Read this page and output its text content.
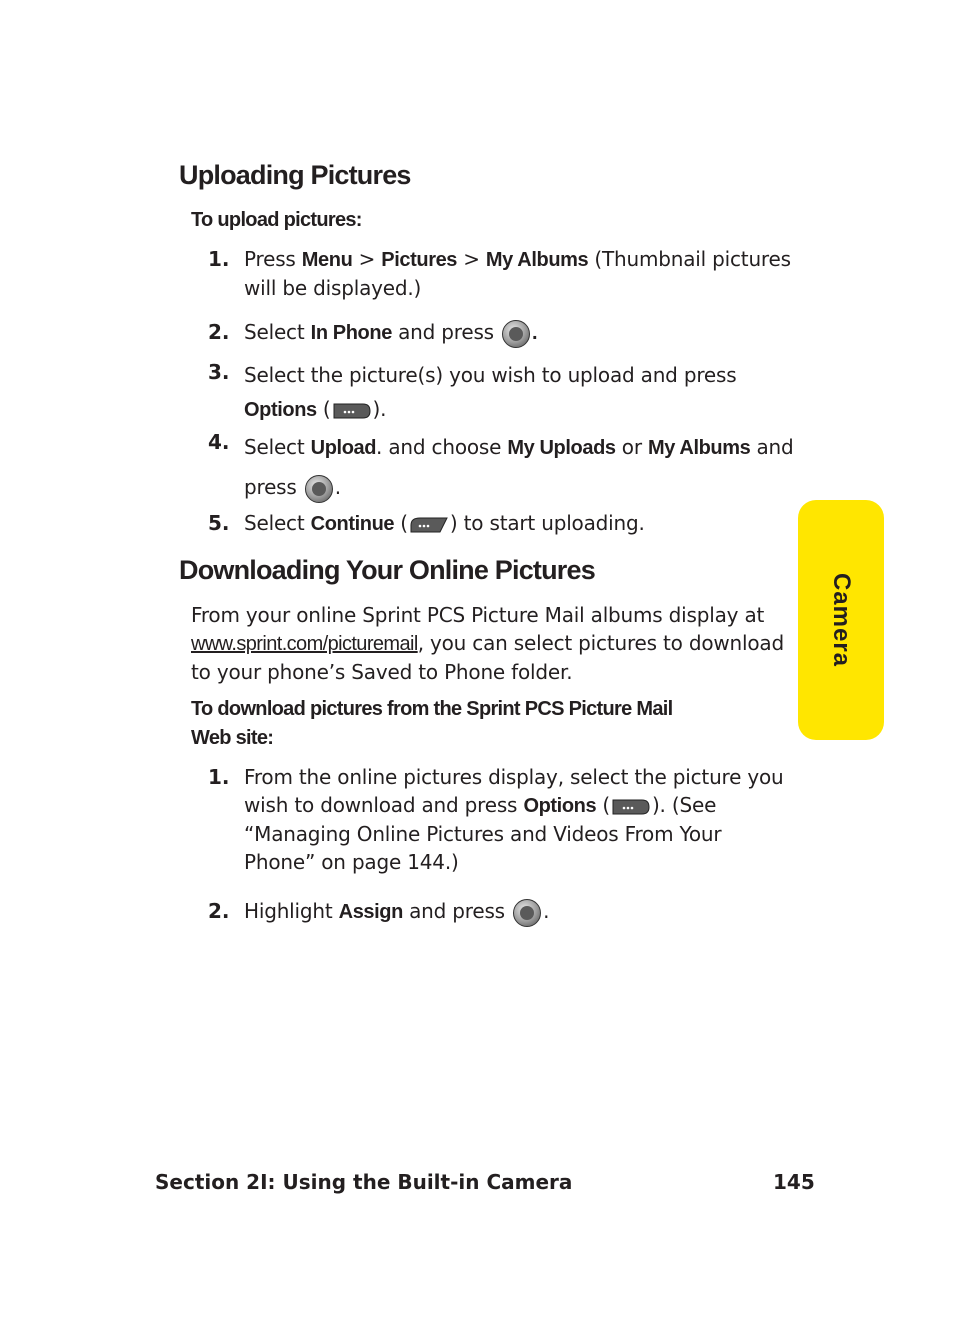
Uploading Pictures
To upload pictures:
1. Press Menu > Pictures > My Albums (Thumbnail pictures will be displayed.)
2. Select In Phone and press .
3. Select the picture(s) you wish to upload and press Options ( ).
4. Select Upload. and choose My Uploads or My Albums and press .
5. Select Continue ( ) to start uploading.
Downloading Your Online Pictures
From your online Sprint PCS Picture Mail albums display at www.sprint.com/picturemail, you can select pictures to download to your phone’s Saved to Phone folder.
To download pictures from the Sprint PCS Picture Mail Web site:
1. From the online pictures display, select the picture you wish to download and press Options ( ). (See “Managing Online Pictures and Videos From Your Phone” on page 144.)
2. Highlight Assign and press .
Camera
Section 2I: Using the Built-in Camera	145
